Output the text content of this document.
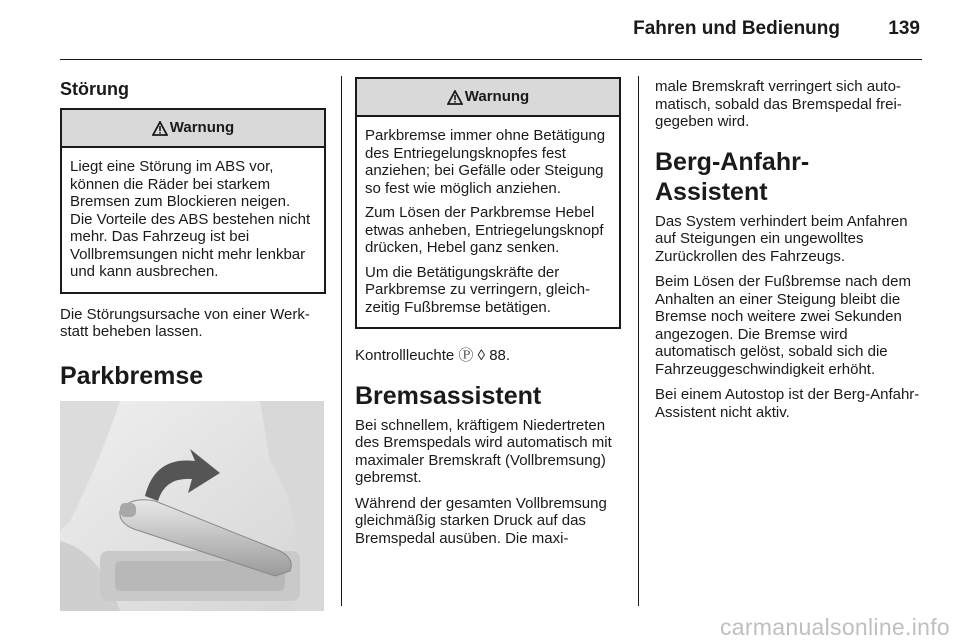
Fahren und Bedienung	139
Störung
Warnung

Liegt eine Störung im ABS vor, können die Räder bei starkem Bremsen zum Blockieren neigen. Die Vorteile des ABS bestehen nicht mehr. Das Fahrzeug ist bei Vollbremsungen nicht mehr lenkbar und kann ausbrechen.

Die Störungsursache von einer Werkstatt beheben lassen.

Parkbremse
Warnung

Parkbremse immer ohne Betätigung des Entriegelungsknopfes fest anziehen; bei Gefälle oder Steigung so fest wie möglich anziehen.

Zum Lösen der Parkbremse Hebel etwas anheben, Entriegelungsknopf drücken, Hebel ganz senken.

Um die Betätigungskräfte der Parkbremse zu verringern, gleichzeitig Fußbremse betätigen.

Kontrollleuchte Ⓟ ◊ 88.

Bremsassistent

Bei schnellem, kräftigem Niedertreten des Bremspedals wird automatisch mit maximaler Bremskraft (Vollbremsung) gebremst.

Während der gesamten Vollbremsung gleichmäßig starken Druck auf das Bremspedal ausüben. Die maxi-

male Bremskraft verringert sich automatisch, sobald das Bremspedal freigegeben wird.

Berg-Anfahr-Assistent

Das System verhindert beim Anfahren auf Steigungen ein ungewolltes Zurückrollen des Fahrzeugs.

Beim Lösen der Fußbremse nach dem Anhalten an einer Steigung bleibt die Bremse noch weitere zwei Sekunden angezogen. Die Bremse wird automatisch gelöst, sobald sich die Fahrzeuggeschwindigkeit erhöht.

Bei einem Autostop ist der Berg-Anfahr-Assistent nicht aktiv.

carmanualsonline.info
